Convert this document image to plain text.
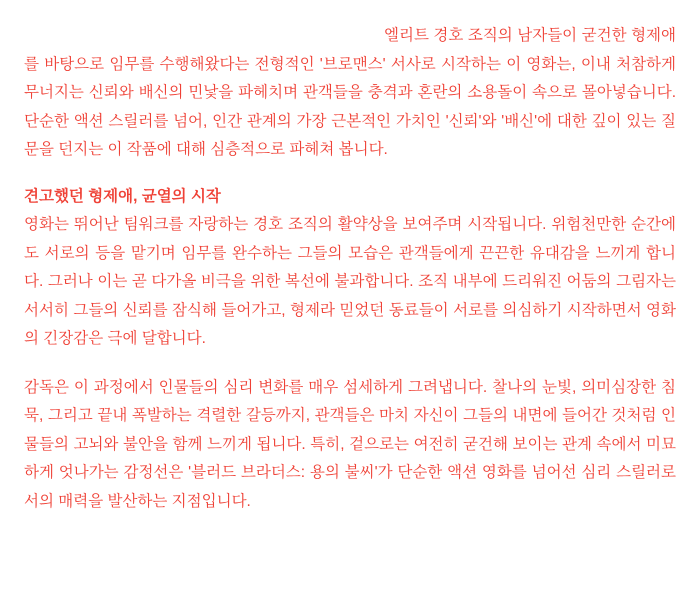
엘리트 경호 조직의 남자들이 굳건한 형제애를 바탕으로 임무를 수행해왔다는 전형적인 '브로맨스' 서사로 시작하는 이 영화는, 이내 처참하게 무너지는 신뢰와 배신의 민낯을 파헤치며 관객들을 충격과 혼란의 소용돌이 속으로 몰아넣습니다. 단순한 액션 스릴러를 넘어, 인간 관계의 가장 근본적인 가치인 '신뢰'와 '배신'에 대한 깊이 있는 질문을 던지는 이 작품에 대해 심층적으로 파헤쳐 봅니다.

견고했던 형제애, 균열의 시작

영화는 뛰어난 팀워크를 자랑하는 경호 조직의 활약상을 보여주며 시작됩니다. 위험천만한 순간에도 서로의 등을 맡기며 임무를 완수하는 그들의 모습은 관객들에게 끈끈한 유대감을 느끼게 합니다. 그러나 이는 곧 다가올 비극을 위한 복선에 불과합니다. 조직 내부에 드리워진 어둠의 그림자는 서서히 그들의 신뢰를 잠식해 들어가고, 형제라 믿었던 동료들이 서로를 의심하기 시작하면서 영화의 긴장감은 극에 달합니다.

감독은 이 과정에서 인물들의 심리 변화를 매우 섬세하게 그려냅니다. 찰나의 눈빛, 의미심장한 침묵, 그리고 끝내 폭발하는 격렬한 갈등까지, 관객들은 마치 자신이 그들의 내면에 들어간 것처럼 인물들의 고뇌와 불안을 함께 느끼게 됩니다. 특히, 겉으로는 여전히 굳건해 보이는 관계 속에서 미묘하게 엇나가는 감정선은 '블러드 브라더스: 용의 불씨'가 단순한 액션 영화를 넘어선 심리 스릴러로서의 매력을 발산하는 지점입니다.
